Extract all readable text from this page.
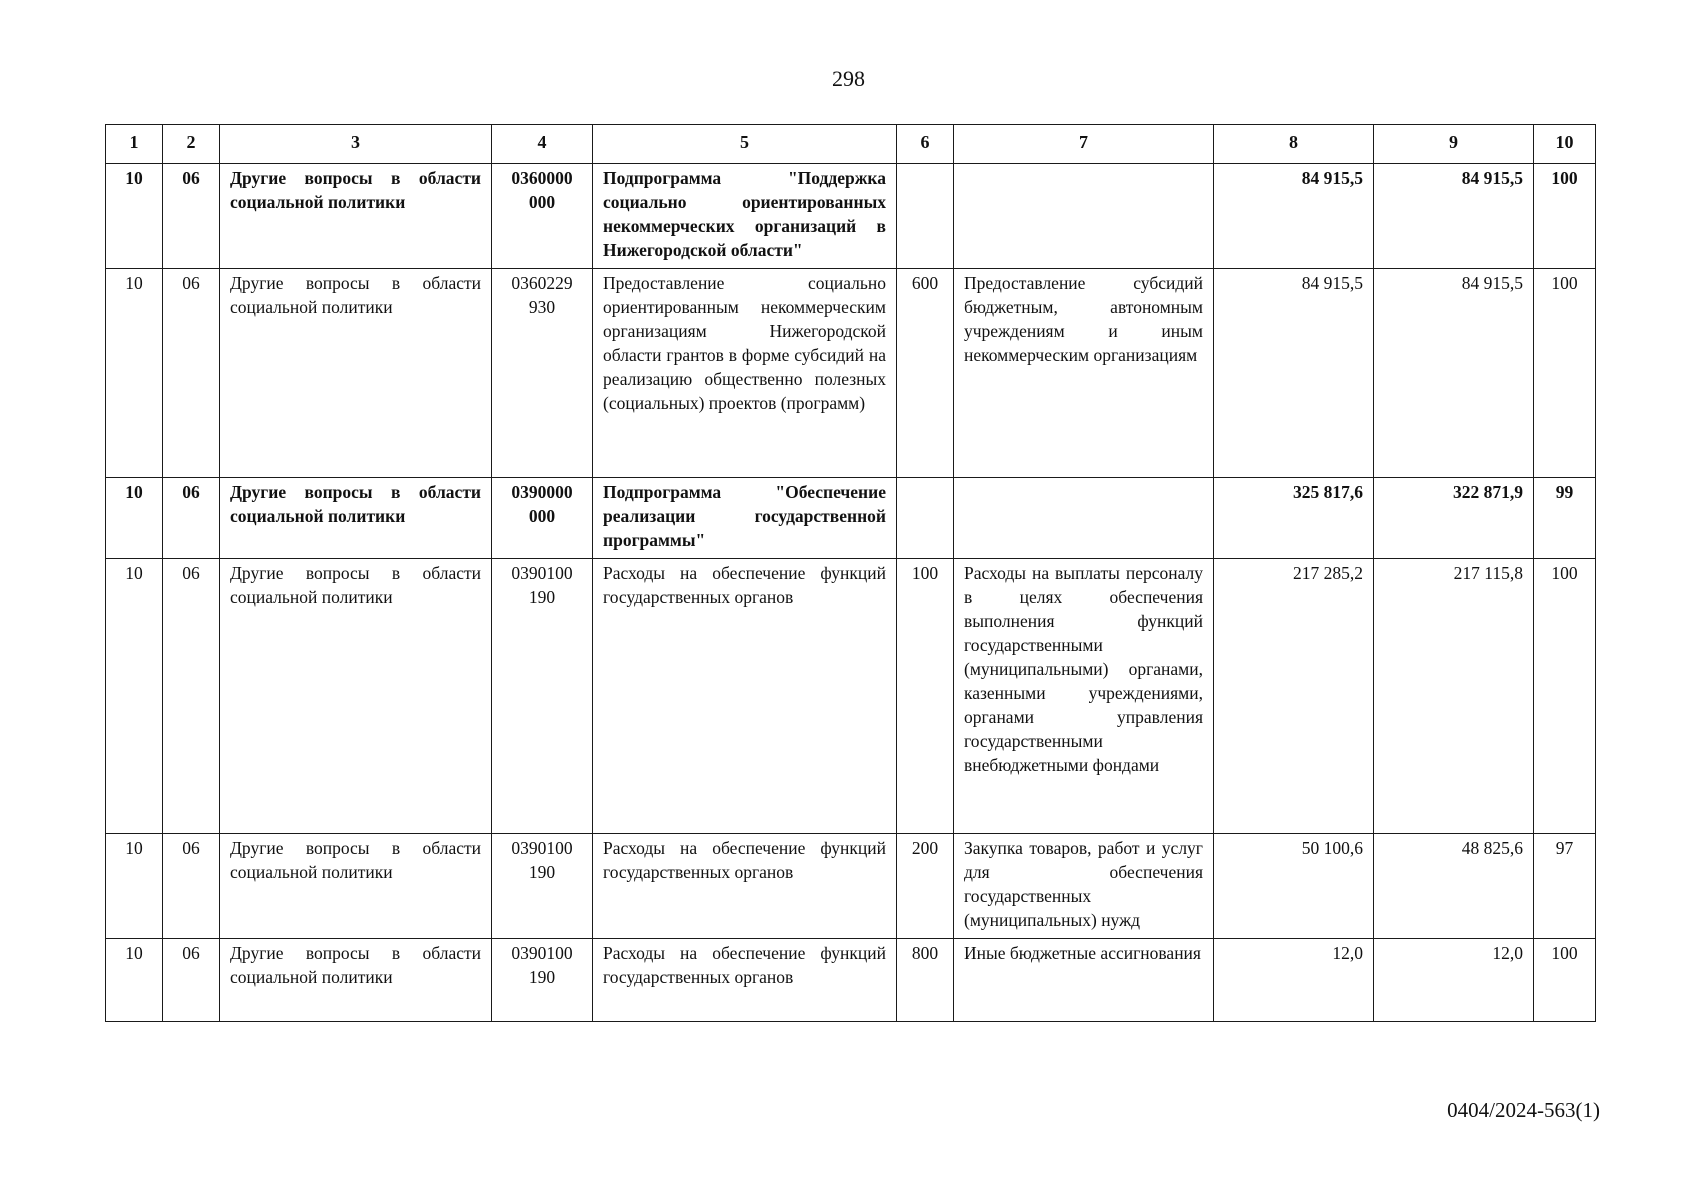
298
1	2	3	4	5	6	7	8	9	10
10	06	Другие вопросы в области социальной политики	0360000 000	Подпрограмма "Поддержка социально ориентированных некоммерческих организаций в Нижегородской области"			84 915,5	84 915,5	100
10	06	Другие вопросы в области социальной политики	0360229 930	Предоставление социально ориентированным некоммерческим организациям Нижегородской области грантов в форме субсидий на реализацию общественно полезных (социальных) проектов (программ)	600	Предоставление субсидий бюджетным, автономным учреждениям и иным некоммерческим организациям	84 915,5	84 915,5	100
10	06	Другие вопросы в области социальной политики	0390000 000	Подпрограмма "Обеспечение реализации государственной программы"			325 817,6	322 871,9	99
10	06	Другие вопросы в области социальной политики	0390100 190	Расходы на обеспечение функций государственных органов	100	Расходы на выплаты персоналу в целях обеспечения выполнения функций государственными (муниципальными) органами, казенными учреждениями, органами управления государственными внебюджетными фондами	217 285,2	217 115,8	100
10	06	Другие вопросы в области социальной политики	0390100 190	Расходы на обеспечение функций государственных органов	200	Закупка товаров, работ и услуг для обеспечения государственных (муниципальных) нужд	50 100,6	48 825,6	97
10	06	Другие вопросы в области социальной политики	0390100 190	Расходы на обеспечение функций государственных органов	800	Иные бюджетные ассигнования	12,0	12,0	100
0404/2024-563(1)
